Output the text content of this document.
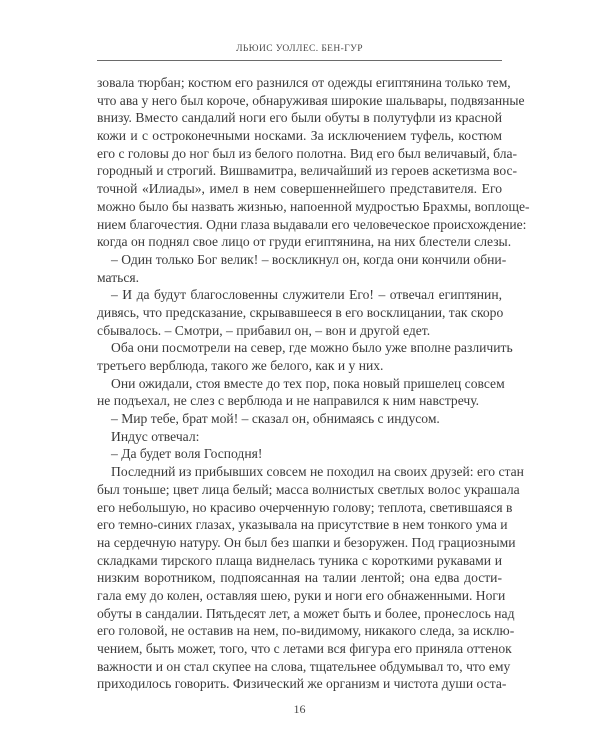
ЛЬЮИС УОЛЛЕС. БЕН-ГУР
зовала тюрбан; костюм его разнился от одежды египтянина только тем,
что ава у него был короче, обнаруживая широкие шальвары, подвязанные
внизу. Вместо сандалий ноги его были обуты в полутуфли из красной
кожи и с остроконечными носками. За исключением туфель, костюм
его с головы до ног был из белого полотна. Вид его был величавый, бла-
городный и строгий. Вишвамитра, величайший из героев аскетизма вос-
точной «Илиады», имел в нем совершеннейшего представителя. Его
можно было бы назвать жизнью, напоенной мудростью Брахмы, воплоще-
нием благочестия. Одни глаза выдавали его человеческое происхождение:
когда он поднял свое лицо от груди египтянина, на них блестели слезы.
– Один только Бог велик! – воскликнул он, когда они кончили обни-
маться.
– И да будут благословенны служители Его! – отвечал египтянин,
дивясь, что предсказание, скрывавшееся в его восклицании, так скоро
сбывалось. – Смотри, – прибавил он, – вон и другой едет.
Оба они посмотрели на север, где можно было уже вполне различить
третьего верблюда, такого же белого, как и у них.
Они ожидали, стоя вместе до тех пор, пока новый пришелец совсем
не подъехал, не слез с верблюда и не направился к ним навстречу.
– Мир тебе, брат мой! – сказал он, обнимаясь с индусом.
Индус отвечал:
– Да будет воля Господня!
Последний из прибывших совсем не походил на своих друзей: его стан
был тоньше; цвет лица белый; масса волнистых светлых волос украшала
его небольшую, но красиво очерченную голову; теплота, светившаяся в
его темно-синих глазах, указывала на присутствие в нем тонкого ума и
на сердечную натуру. Он был без шапки и безоружен. Под грациозными
складками тирского плаща виднелась туника с короткими рукавами и
низким воротником, подпоясанная на талии лентой; она едва дости-
гала ему до колен, оставляя шею, руки и ноги его обнаженными. Ноги
обуты в сандалии. Пятьдесят лет, а может быть и более, пронеслось над
его головой, не оставив на нем, по-видимому, никакого следа, за исклю-
чением, быть может, того, что с летами вся фигура его приняла оттенок
важности и он стал скупее на слова, тщательнее обдумывал то, что ему
приходилось говорить. Физический же организм и чистота души оста-
16
